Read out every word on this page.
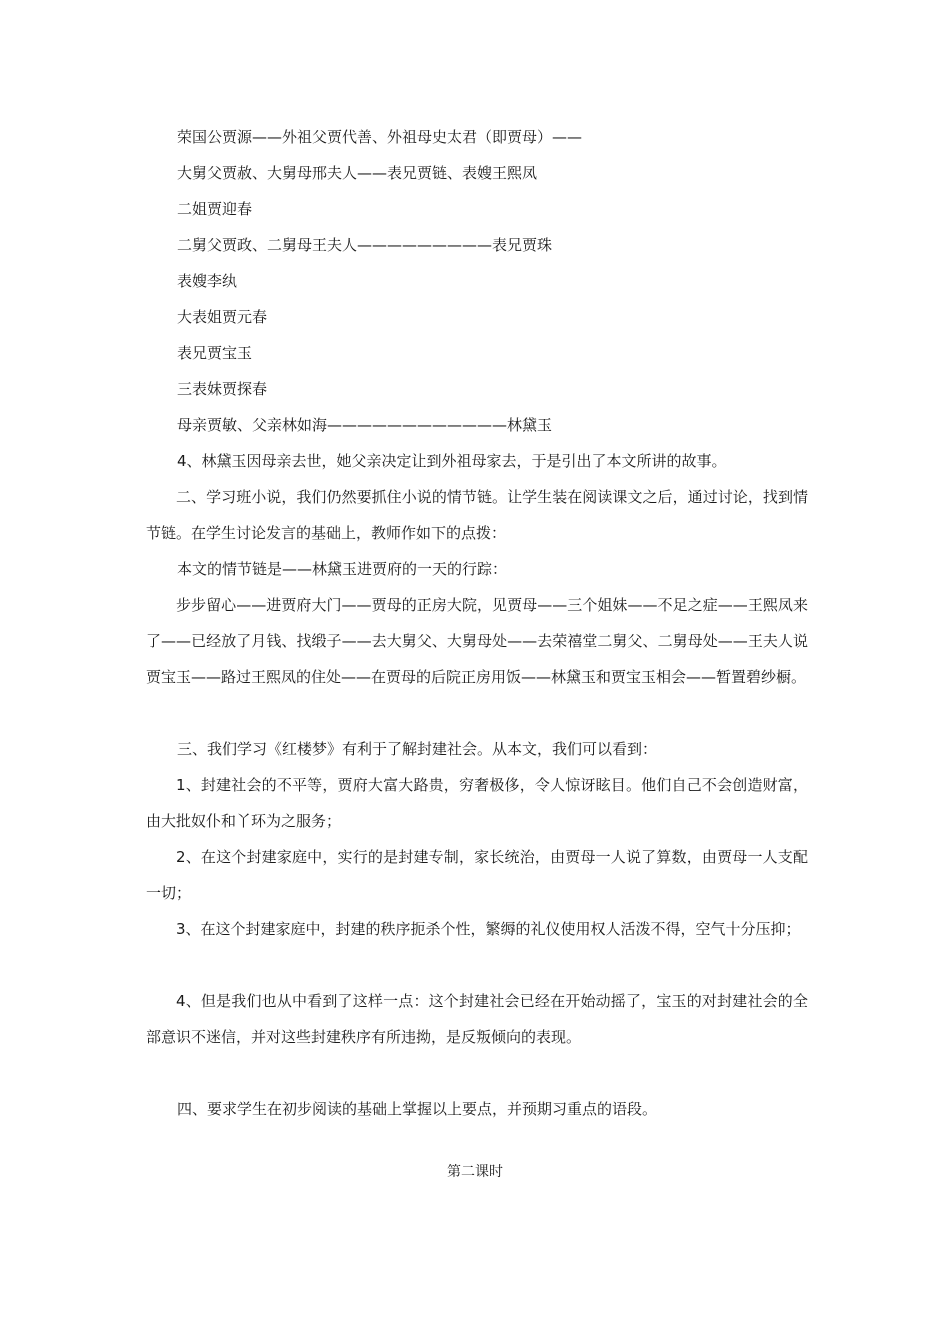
荣国公贾源——外祖父贾代善、外祖母史太君（即贾母）——
大舅父贾赦、大舅母邢夫人——表兄贾链、表嫂王熙凤
二姐贾迎春
二舅父贾政、二舅母王夫人—————————表兄贾珠
表嫂李纨
大表姐贾元春
表兄贾宝玉
三表妹贾探春
母亲贾敏、父亲林如海————————————林黛玉
4、林黛玉因母亲去世，她父亲决定让到外祖母家去，于是引出了本文所讲的故事。
二、学习班小说，我们仍然要抓住小说的情节链。让学生装在阅读课文之后，通过讨论，找到情节链。在学生讨论发言的基础上，教师作如下的点拨：
本文的情节链是——林黛玉进贾府的一天的行踪：
步步留心——进贾府大门——贾母的正房大院，见贾母——三个姐妹——不足之症——王熙凤来了——已经放了月钱、找缎子——去大舅父、大舅母处——去荣禧堂二舅父、二舅母处——王夫人说贾宝玉——路过王熙凤的住处——在贾母的后院正房用饭——林黛玉和贾宝玉相会——暂置碧纱橱。
三、我们学习《红楼梦》有利于了解封建社会。从本文，我们可以看到：
1、封建社会的不平等，贾府大富大路贵，穷奢极侈，令人惊讶眩目。他们自己不会创造财富，由大批奴仆和丫环为之服务；
2、在这个封建家庭中，实行的是封建专制，家长统治，由贾母一人说了算数，由贾母一人支配一切；
3、在这个封建家庭中，封建的秩序扼杀个性，繁缛的礼仪使用权人活泼不得，空气十分压抑；
4、但是我们也从中看到了这样一点：这个封建社会已经在开始动摇了，宝玉的对封建社会的全部意识不迷信，并对这些封建秩序有所违拗，是反叛倾向的表现。
四、要求学生在初步阅读的基础上掌握以上要点，并预期习重点的语段。
第二课时
